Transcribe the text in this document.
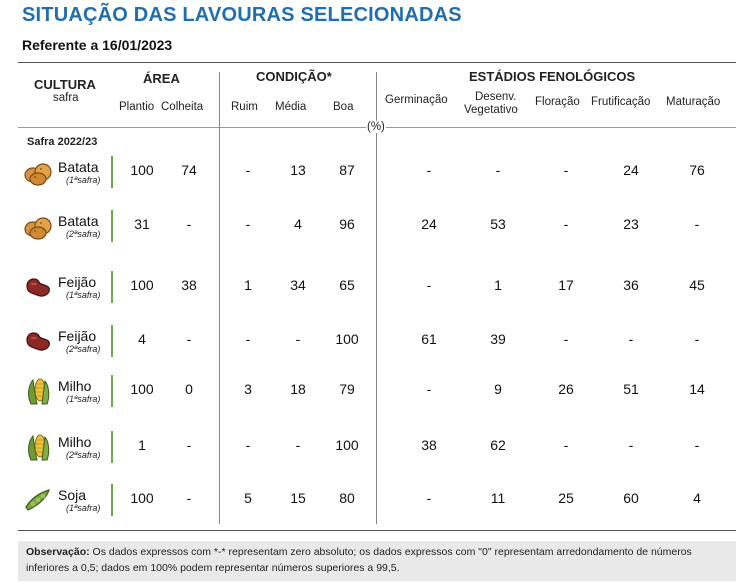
SITUAÇÃO DAS LAVOURAS SELECIONADAS
Referente a 16/01/2023
CULTURA
safra
ÁREA
Plantio Colheita
CONDIÇÃO*
Ruim Média Boa
ESTÁDIOS FENOLÓGICOS
Germinação Desenv.
Vegetativo
Floração Frutificação Maturação
(%)
Safra 2022/23
Batata
(1ªsafra)
100	74	-	13	87	-	-	-	24	76
Batata
(2ªsafra)
31	-	-	4	96	24	53	-	23	-
Feijão
(1ªsafra)
100	38	1	34	65	-	1	17	36	45
Feijão
(2ªsafra)
4	-	-	-	100	61	39	-	-	-
Milho
(1ªsafra)
100	0	3	18	79	-	9	26	51	14
Milho
(2ªsafra)
1	-	-	-	100	38	62	-	-	-
Soja
(1ªsafra)
100	-	5	15	80	-	11	25	60	4
Observação: Os dados expressos com *-* representam zero absoluto; os dados expressos com "0" representam arredondamento de números inferiores a 0,5; dados em 100% podem representar números superiores a 99,5.
